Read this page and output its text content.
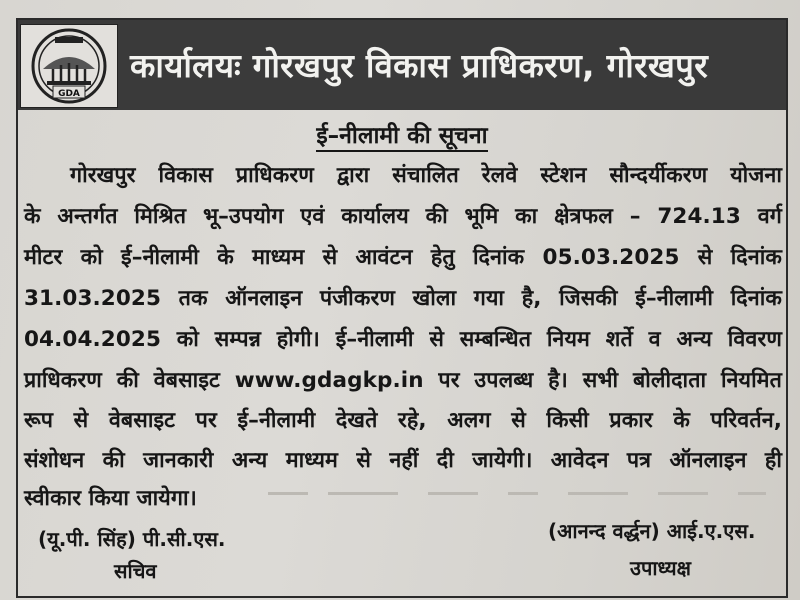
GDA
कार्यालयः गोरखपुर विकास प्राधिकरण, गोरखपुर
ई–नीलामी की सूचना
गोरखपुर विकास प्राधिकरण द्वारा संचालित रेलवे स्टेशन सौन्दर्यीकरण योजना
के अन्तर्गत मिश्रित भू–उपयोग एवं कार्यालय की भूमि का क्षेत्रफल – 724.13 वर्ग
मीटर को ई–नीलामी के माध्यम से आवंटन हेतु दिनांक 05.03.2025 से दिनांक
31.03.2025 तक ऑनलाइन पंजीकरण खोला गया है, जिसकी ई–नीलामी दिनांक
04.04.2025 को सम्पन्न होगी। ई–नीलामी से सम्बन्धित नियम शर्ते व अन्य विवरण
प्राधिकरण की वेबसाइट www.gdagkp.in पर उपलब्ध है। सभी बोलीदाता नियमित
रूप से वेबसाइट पर ई–नीलामी देखते रहे, अलग से किसी प्रकार के परिवर्तन,
संशोधन की जानकारी अन्य माध्यम से नहीं दी जायेगी। आवेदन पत्र ऑनलाइन ही
स्वीकार किया जायेगा।
(यू.पी. सिंह) पी.सी.एस.
सचिव
(आनन्द वर्द्धन) आई.ए.एस.
उपाध्यक्ष
